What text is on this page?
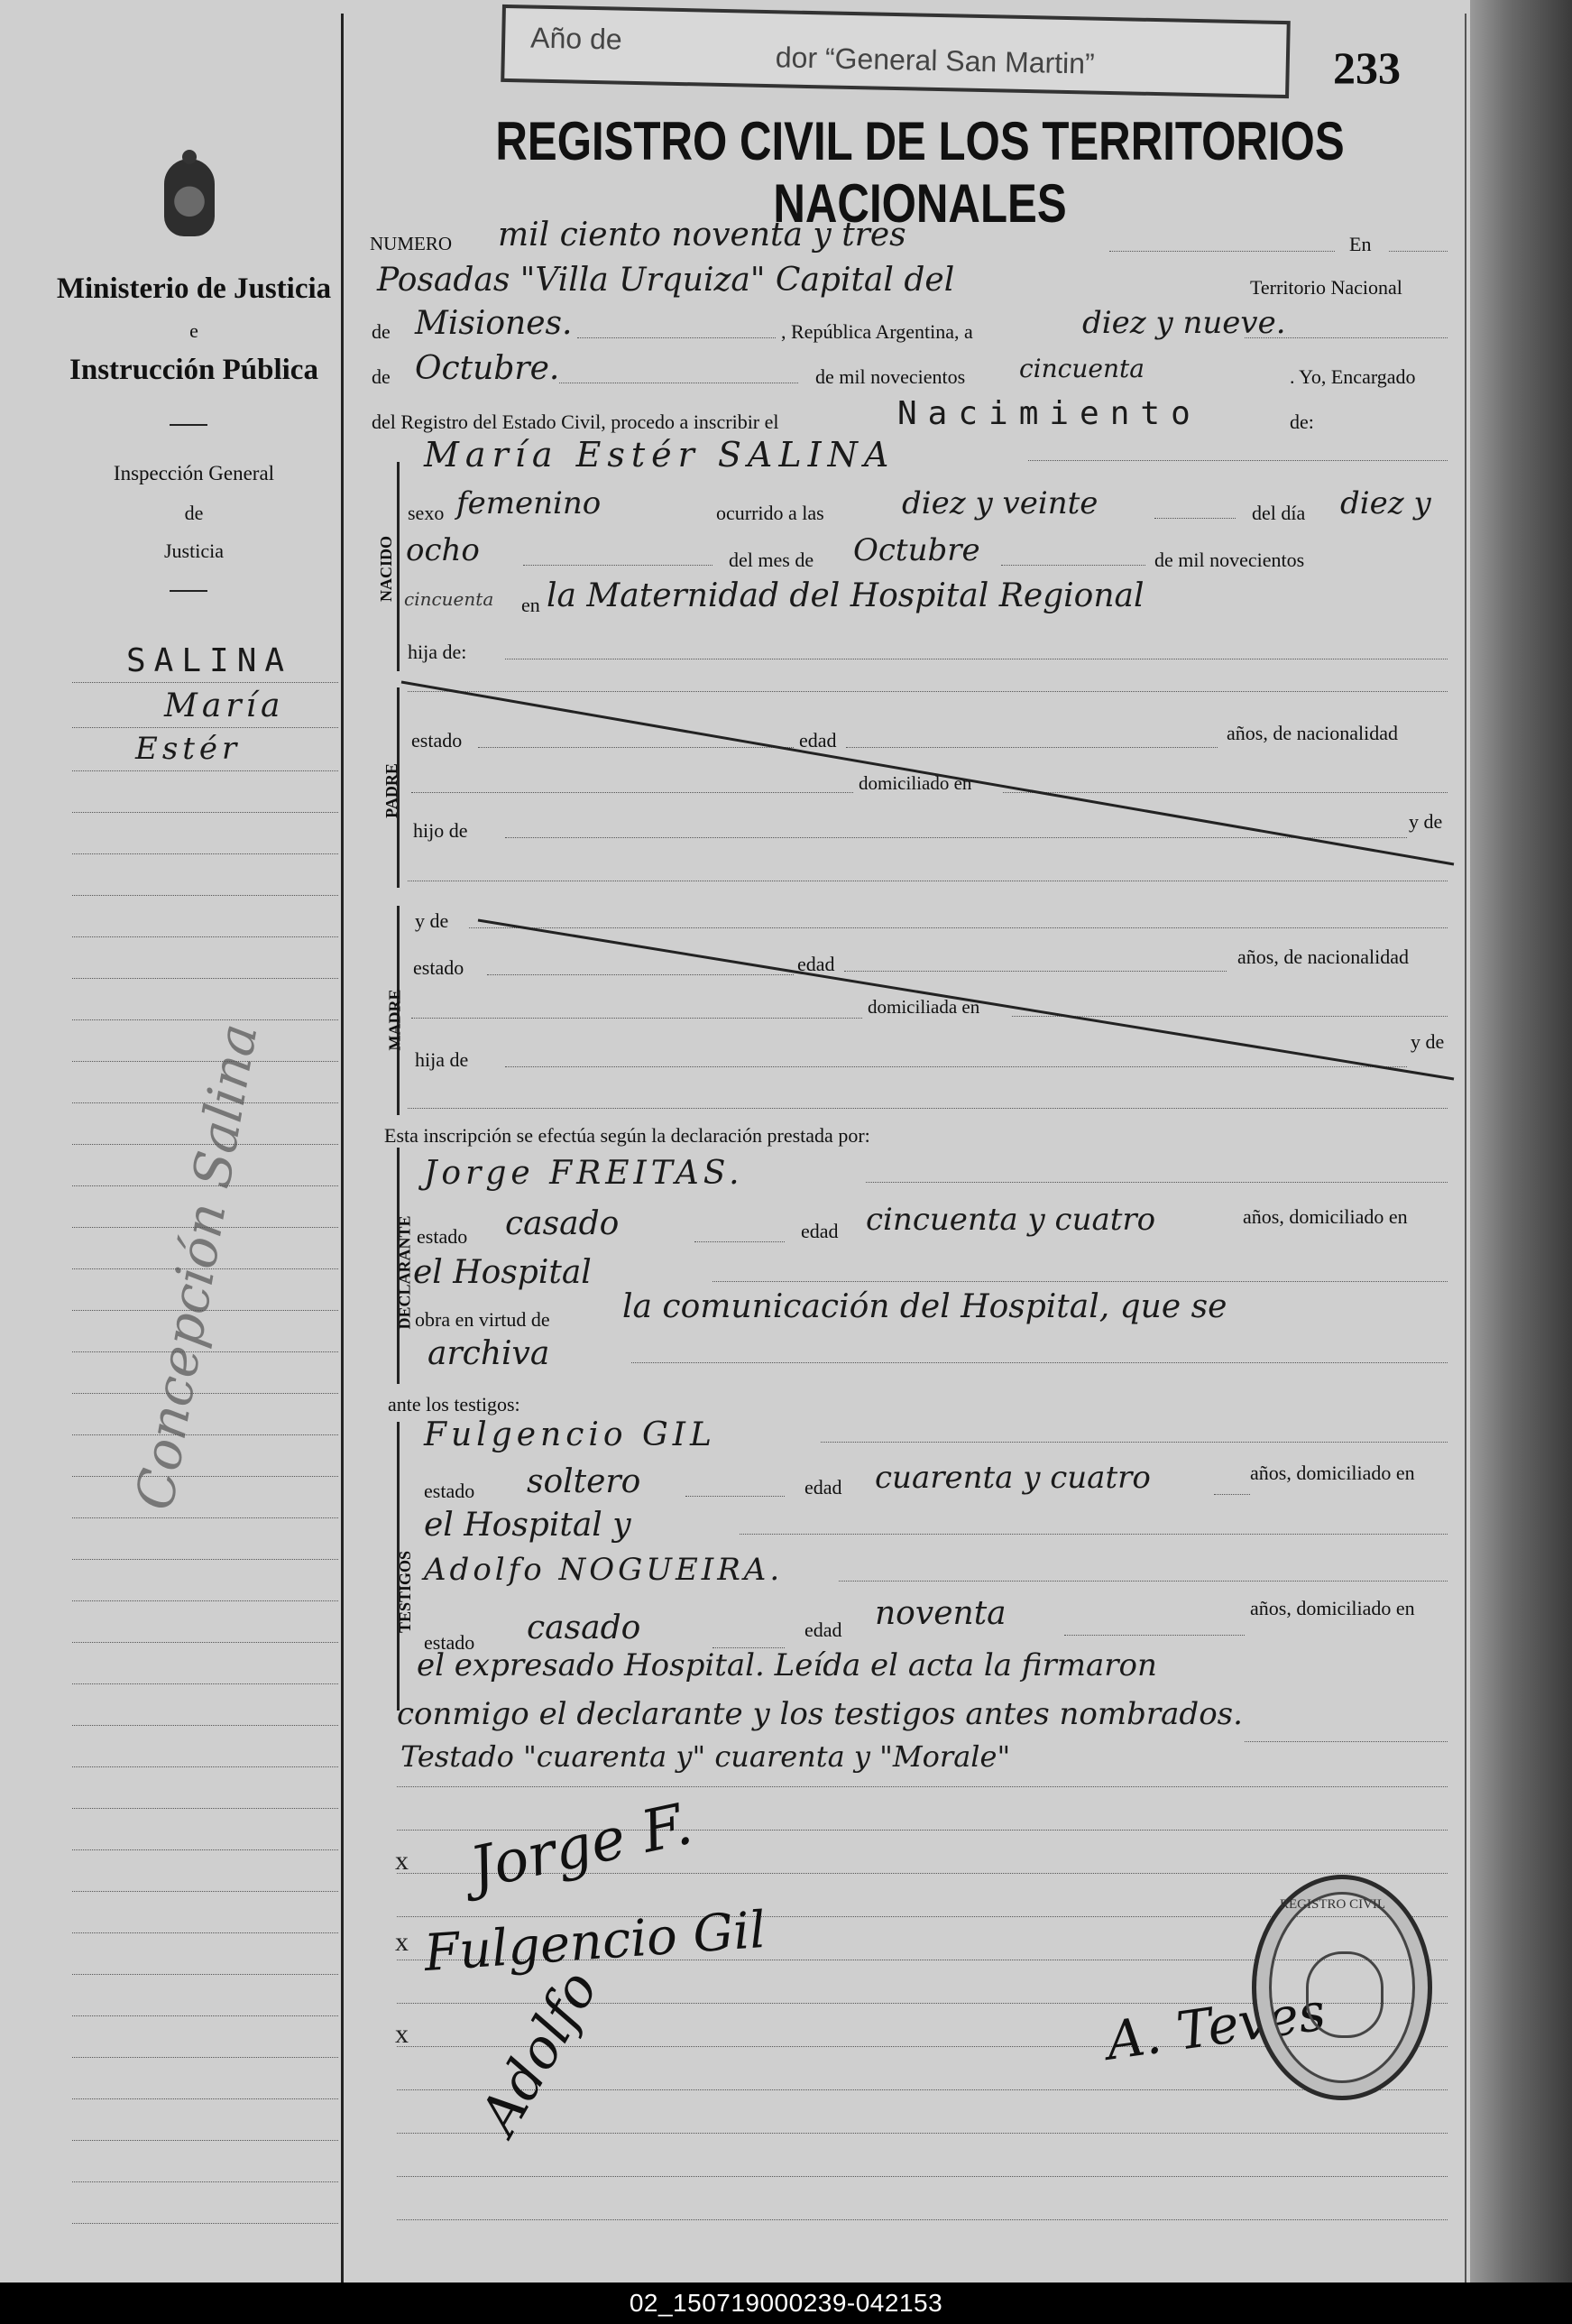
Ministerio de Justicia
e
Instrucción Pública
Inspección General
de
Justicia
SALINA
María
Estér
Concepción Salina
Año de
dor “General San Martin”	233
REGISTRO CIVIL DE LOS TERRITORIOS NACIONALES
NUMERO mil ciento noventa y tres	En
Posadas "Villa Urquiza" Capital del	Territorio Nacional
de Misiones.	, República Argentina, a	diez y nueve.
de Octubre.	de mil novecientos cincuenta	. Yo, Encargado
del Registro del Estado Civil, procedo a inscribir el	Nacimiento	de:
María Estér SALINA
NACIDO
sexo femenino	ocurrido a las	diez y veinte	del día diez y
ocho	del mes de Octubre	de mil novecientos
cincuenta en la Maternidad del Hospital Regional
hija de:
PADRE
estado	edad	años, de nacionalidad
domiciliado en
hijo de	y de
MADRE
y de
estado	edad	años, de nacionalidad
domiciliada en
hija de
y de
Esta inscripción se efectúa según la declaración prestada por:
DECLARANTE
Jorge FREITAS.
estado casado	edad cincuenta y cuatro	años, domiciliado en
el Hospital
obra en virtud de la comunicación del Hospital, que se
archiva
ante los testigos:
TESTIGOS
Fulgencio GIL
estado soltero	edad cuarenta y cuatro	años, domiciliado en
el Hospital y
Adolfo NOGUEIRA.
estado casado	edad noventa	años, domiciliado en
el expresado Hospital. Leída el acta la firmaron
conmigo el declarante y los testigos antes nombrados.
Testado "cuarenta y" cuarenta y "Morale"
x Jorge F.
x Fulgencio Gil
x Adolfo	A. Teves
REGISTRO CIVIL
02_150719000239-042153
